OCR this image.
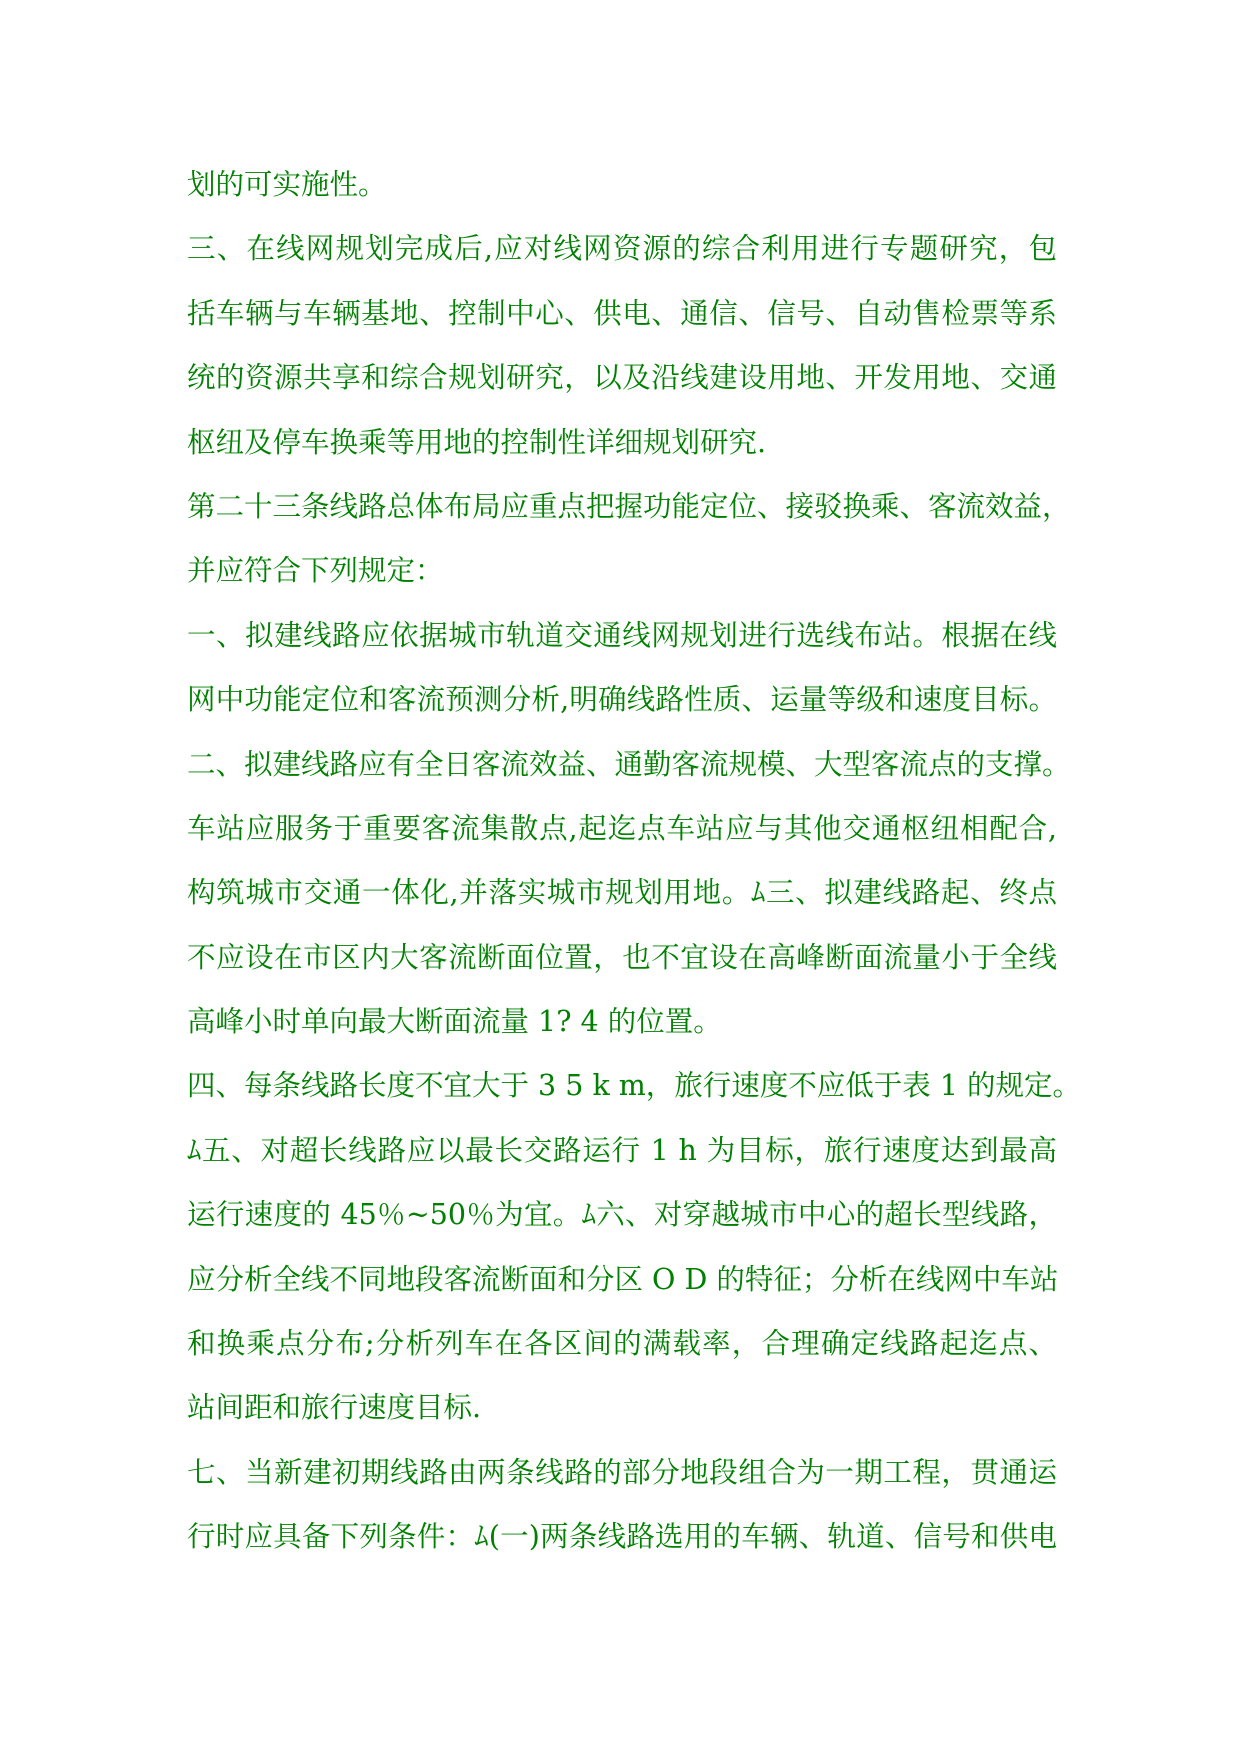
划的可实施性。
三、在线网规划完成后,应对线网资源的综合利用进行专题研究，包
括车辆与车辆基地、控制中心、供电、通信、信号、自动售检票等系
统的资源共享和综合规划研究，以及沿线建设用地、开发用地、交通
枢纽及停车换乘等用地的控制性详细规划研究.
第二十三条线路总体布局应重点把握功能定位、接驳换乘、客流效益，
并应符合下列规定：
一、拟建线路应依据城市轨道交通线网规划进行选线布站。根据在线
网中功能定位和客流预测分析,明确线路性质、运量等级和速度目标。
二、拟建线路应有全日客流效益、通勤客流规模、大型客流点的支撑。
车站应服务于重要客流集散点,起迄点车站应与其他交通枢纽相配合,
构筑城市交通一体化,并落实城市规划用地。ﾑ三、拟建线路起、终点
不应设在市区内大客流断面位置，也不宜设在高峰断面流量小于全线
高峰小时单向最大断面流量 1? 4 的位置。
四、每条线路长度不宜大于 3 5 k m，旅行速度不应低于表 1 的规定。
ﾑ五、对超长线路应以最长交路运行 1 h 为目标，旅行速度达到最高
运行速度的 45％~50％为宜。ﾑ六、对穿越城市中心的超长型线路，
应分析全线不同地段客流断面和分区 O D 的特征；分析在线网中车站
和换乘点分布;分析列车在各区间的满载率，合理确定线路起迄点、
站间距和旅行速度目标.
七、当新建初期线路由两条线路的部分地段组合为一期工程，贯通运
行时应具备下列条件：ﾑ(一)两条线路选用的车辆、轨道、信号和供电
